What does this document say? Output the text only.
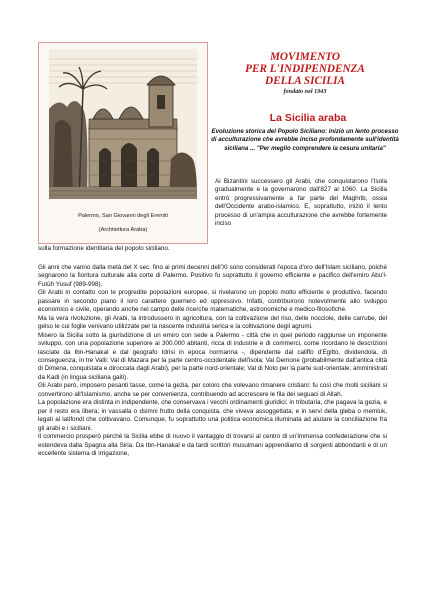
Palermo, San Giovanni degli Eremiti
(Architettura Araba)
MOVIMENTO
PER L'INDIPENDENZA
DELLA SICILIA
fondato nel 1943
La Sicilia araba
Evoluzione storica del Popolo Siciliano: iniziò un lento processo di acculturazione che avrebbe inciso profondamente sull'identità siciliana ... "Per meglio comprendere la cesura unitaria"

Ai Bizantini successero gli Arabi, che conquistarono l'Isola gradualmente e la governarono dall'827 al 1060. La Sicilia entrò progressivamente a far parte del Maghrib, ossia dell'Occidente arabo-islamico. E, soprattutto, iniziò il lento processo di un'ampia acculturazione che avrebbe fortemente inciso

sulla formazione identitaria del popolo siciliano.

Gli anni che vanno dalla metà del X sec. fino ai primi decenni dell'XI sono considerati l'epoca d'oro dell'Islam siciliano, poiché segnarono la fioritura culturale alla corte di Palermo. Positivo fu soprattutto il governo efficiente e pacifico dell'emiro Abu'l-Futūh Yusuf (989-998).

Gli Arabi in contatto con le progredite popolazioni europee, si rivelarono un popolo molto efficiente e produttivo, facendo passare in secondo piano il loro carattere guerriero ed oppressivo. Infatti, contribuirono notevolmente allo sviluppo economico e civile, operando anche nel campo delle ricerche matematiche, astronomiche e medico-filosofiche.

Ma la vera rivoluzione, gli Arabi, la introdussero in agricoltura, con la coltivazione del riso, delle nocciole, delle carrube, del gelso le cui foglie venivano utilizzate per la nascente industria serica e la coltivazione degli agrumi.

Misero la Sicilia sotto la giurisdizione di un emiro con sede a Palermo - città che in quel periodo raggiunse un imponente sviluppo, con una popolazione superiore ai 300.000 abitanti, ricca di industrie e di commerci, come ricordano le descrizioni lasciate da Ibn-Hanakal e dal geografo Idrisi in epoca normanna -, dipendente dal califfo d'Egitto, dividendola, di conseguenza, in tre Valli: Val di Mazara per la parte centro-occidentale dell'isola; Val Demone (probabilmente dall'antica città di Dimena, conquistata e diroccata dagli Arabi), per la parte nord-orientale; Val di Noto per la parte sud-orientale; amministrati da Kadi (in lingua siciliana gaiti).

Gli Arabi però, imposero pesanti tasse, come la gezia, per coloro che volevano rimanere cristiani: fu così che molti siciliani si convertirono all'Islamismo, anche se per convenienza, contribuendo ad accrescere le fila dei seguaci di Allah.

La popolazione era distinta in indipendente, che conservava i vecchi ordinamenti giuridici; in tributaria, che pagava la gezia, e per il resto era libera; in vassalla o dsimni frutto della conquista, che viveva assoggettata; e in servi della gleba o memluk, legati ai latifondi che coltivavano. Comunque, fu soprattutto una politica economica illuminata ad aiutare la conciliazione fra gli arabi e i siciliani.

Il commercio prosperò perché la Sicilia ebbe di nuovo il vantaggio di trovarsi al centro di un'immensa confederazione che si estendeva dalla Spagna alla Siria. Da Ibn-Hanakal e da tardi scrittori musulmani apprendiamo di sorgenti abbondanti e di un eccellente sistema di irrigazione,
